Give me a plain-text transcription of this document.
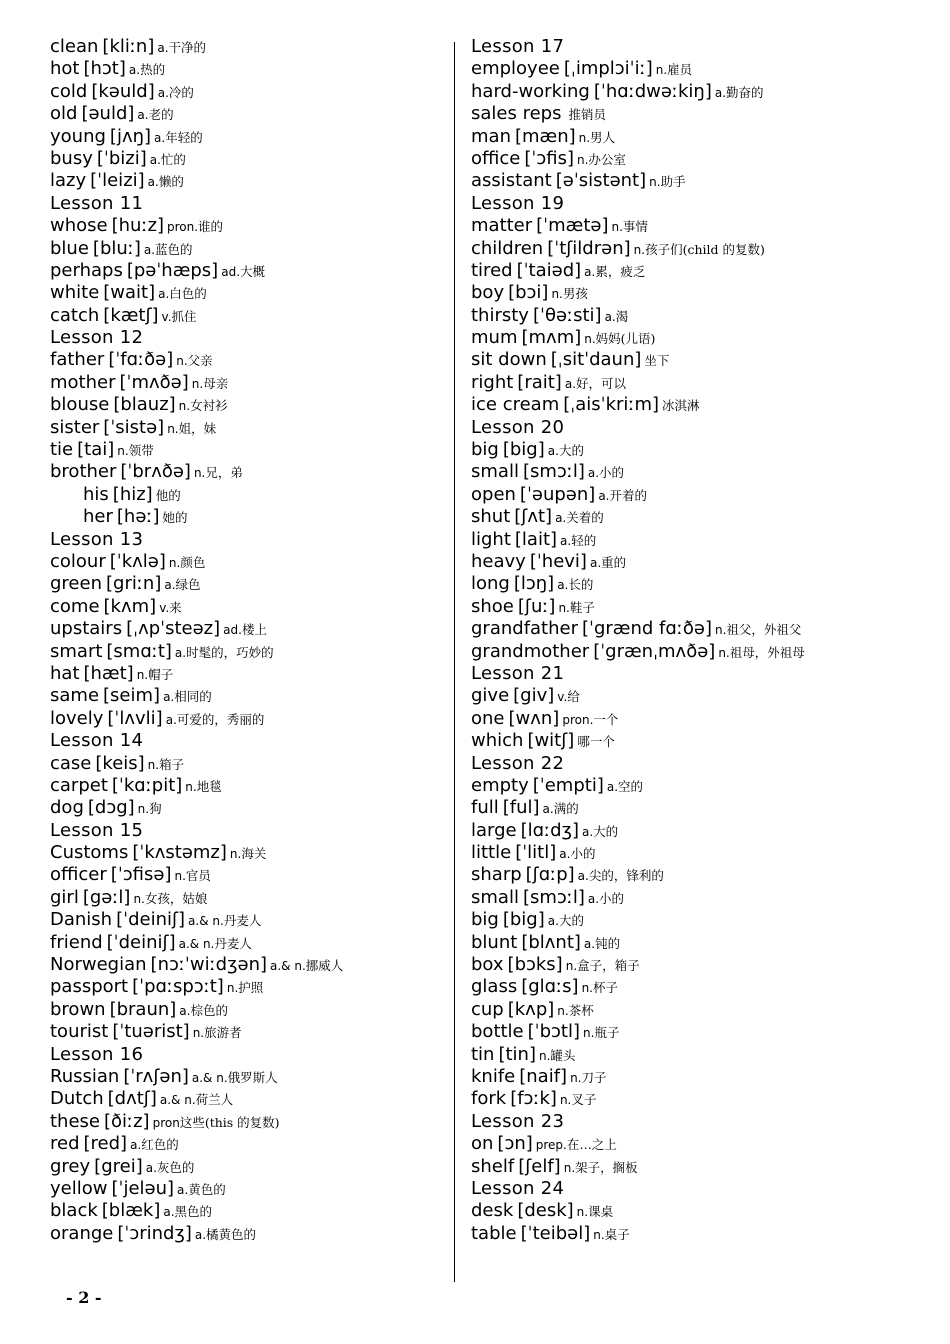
clean [kliːn] a.干净的
hot [hɔt] a.热的
cold [kəuld] a.冷的
old [əuld] a.老的
young [jʌŋ] a.年轻的
busy [ˈbizi] a.忙的
lazy [ˈleizi] a.懒的
Lesson 11
whose [huːz] pron.谁的
blue [bluː] a.蓝色的
perhaps [pəˈhæps] ad.大概
white [wait] a.白色的
catch [kætʃ] v.抓住
Lesson 12
father [ˈfɑːðə] n.父亲
mother [ˈmʌðə] n.母亲
blouse [blauz] n.女衬衫
sister [ˈsistə] n.姐，妹
tie [tai] n.领带
brother [ˈbrʌðə] n.兄，弟
his [hiz] 他的
her [həː] 她的
Lesson 13
colour [ˈkʌlə] n.颜色
green [griːn] a.绿色
come [kʌm] v.来
upstairs [ˌʌpˈsteəz] ad.楼上
smart [smɑːt] a.时髦的，巧妙的
hat [hæt] n.帽子
same [seim] a.相同的
lovely [ˈlʌvli] a.可爱的，秀丽的
Lesson 14
case [keis] n.箱子
carpet [ˈkɑːpit] n.地毯
dog [dɔg] n.狗
Lesson 15
Customs [ˈkʌstəmz] n.海关
officer [ˈɔfisə] n.官员
girl [gəːl] n.女孩，姑娘
Danish [ˈdeiniʃ] a.& n.丹麦人
friend [ˈdeiniʃ] a.& n.丹麦人
Norwegian [nɔːˈwiːdʒən] a.& n.挪威人
passport [ˈpɑːspɔːt] n.护照
brown [braun] a.棕色的
tourist [ˈtuərist] n.旅游者
Lesson 16
Russian [ˈrʌʃən] a.& n.俄罗斯人
Dutch [dʌtʃ] a.& n.荷兰人
these [ðiːz] pron这些(this 的复数)
red [red] a.红色的
grey [grei] a.灰色的
yellow [ˈjeləu] a.黄色的
black [blæk] a.黑色的
orange [ˈɔrindʒ] a.橘黄色的
Lesson 17
employee [ˌimplɔiˈiː] n.雇员
hard-working [ˈhɑːdwəːkiŋ] a.勤奋的
sales reps 推销员
man [mæn] n.男人
office [ˈɔfis] n.办公室
assistant [əˈsistənt] n.助手
Lesson 19
matter [ˈmætə] n.事情
children [ˈtʃildrən] n.孩子们(child 的复数)
tired [ˈtaiəd] a.累，疲乏
boy [bɔi] n.男孩
thirsty [ˈθəːsti] a.渴
mum [mʌm] n.妈妈(儿语)
sit down [ˌsitˈdaun] 坐下
right [rait] a.好，可以
ice cream [ˌaisˈkriːm] 冰淇淋
Lesson 20
big [big] a.大的
small [smɔːl] a.小的
open [ˈəupən] a.开着的
shut [ʃʌt] a.关着的
light [lait] a.轻的
heavy [ˈhevi] a.重的
long [lɔŋ] a.长的
shoe [ʃuː] n.鞋子
grandfather [ˈgrænd fɑːðə] n.祖父，外祖父
grandmother [ˈgrænˌmʌðə] n.祖母，外祖母
Lesson 21
give [giv] v.给
one [wʌn] pron.一个
which [witʃ] 哪一个
Lesson 22
empty [ˈempti] a.空的
full [ful] a.满的
large [lɑːdʒ] a.大的
little [ˈlitl] a.小的
sharp [ʃɑːp] a.尖的，锋利的
small [smɔːl] a.小的
big [big] a.大的
blunt [blʌnt] a.钝的
box [bɔks] n.盒子，箱子
glass [glɑːs] n.杯子
cup [kʌp] n.茶杯
bottle [ˈbɔtl] n.瓶子
tin [tin] n.罐头
knife [naif] n.刀子
fork [fɔːk] n.叉子
Lesson 23
on [ɔn] prep.在…之上
shelf [ʃelf] n.架子，搁板
Lesson 24
desk [desk] n.课桌
table [ˈteibəl] n.桌子
- 2 -
